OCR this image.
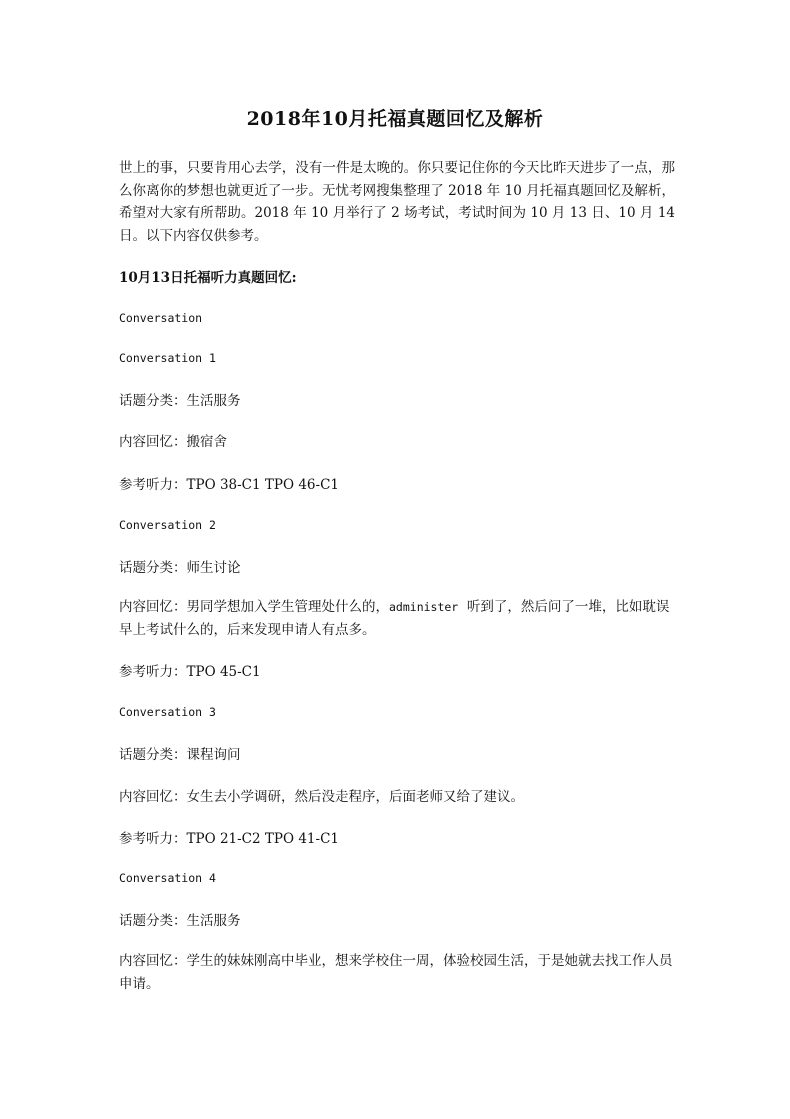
2018年10月托福真题回忆及解析

世上的事，只要肯用心去学，没有一件是太晚的。你只要记住你的今天比昨天进步了一点，那么你离你的梦想也就更近了一步。无忧考网搜集整理了 2018 年 10 月托福真题回忆及解析，希望对大家有所帮助。2018 年 10 月举行了 2 场考试，考试时间为 10 月 13 日、10 月 14 日。以下内容仅供参考。

10月13日托福听力真题回忆:

Conversation

Conversation 1

话题分类：生活服务

内容回忆：搬宿舍

参考听力：TPO 38-C1 TPO 46-C1

Conversation 2

话题分类：师生讨论

内容回忆：男同学想加入学生管理处什么的，administer  听到了，然后问了一堆，比如耽误早上考试什么的，后来发现申请人有点多。

参考听力：TPO 45-C1

Conversation 3

话题分类：课程询问

内容回忆：女生去小学调研，然后没走程序，后面老师又给了建议。

参考听力：TPO 21-C2 TPO 41-C1

Conversation 4

话题分类：生活服务

内容回忆：学生的妹妹刚高中毕业，想来学校住一周，体验校园生活，于是她就去找工作人员申请。
